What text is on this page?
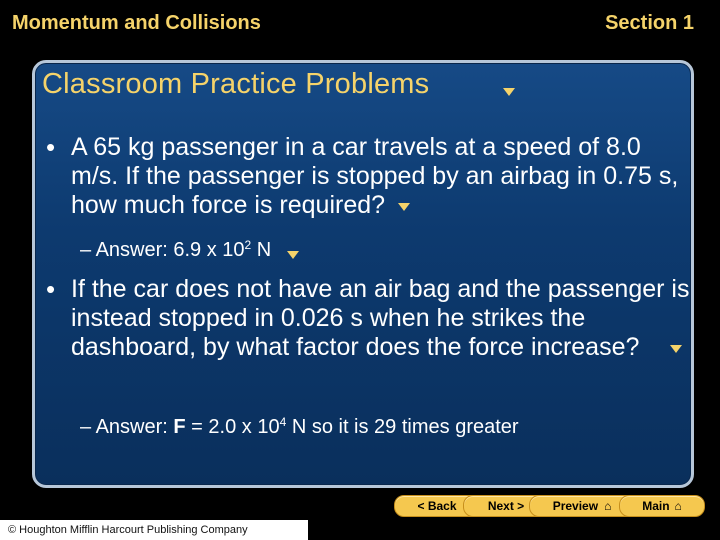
Momentum and Collisions	Section 1
Classroom Practice Problems
• A 65 kg passenger in a car travels at a speed of 8.0 m/s. If the passenger is stopped by an airbag in 0.75 s, how much force is required?
– Answer: 6.9 x $10^2$ N
• If the car does not have an air bag and the passenger is instead stopped in 0.026 s when he strikes the dashboard, by what factor does the force increase?
– Answer: F = 2.0 x $10^4$ N so it is 29 times greater
< Back	Next >	Preview ⌂	Main ⌂
© Houghton Mifflin Harcourt Publishing Company
